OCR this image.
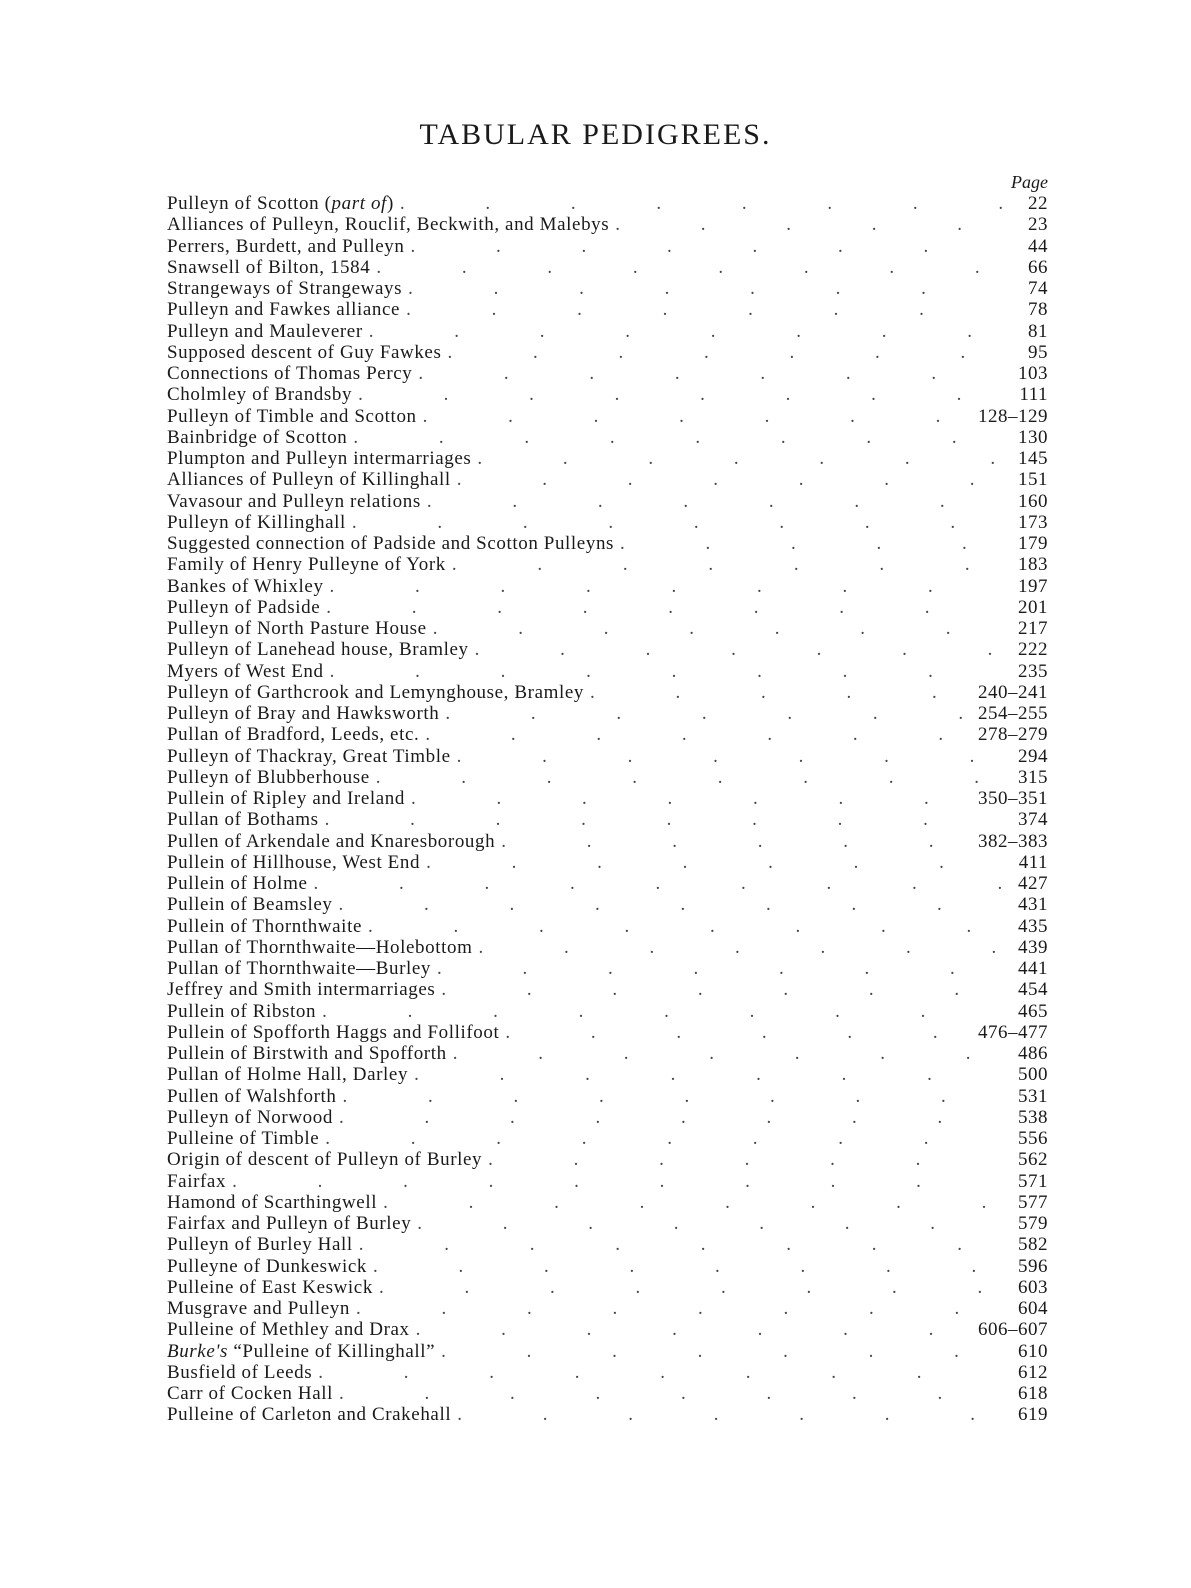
TABULAR PEDIGREES.
Page
Pulleyn of Scotton (part of) .	22
Alliances of Pulleyn, Rouclif, Beckwith, and Malebys .	23
Perrers, Burdett, and Pulleyn .	44
Snawsell of Bilton, 1584 .	66
Strangeways of Strangeways .	74
Pulleyn and Fawkes alliance .	78
Pulleyn and Mauleverer .	81
Supposed descent of Guy Fawkes .	95
Connections of Thomas Percy .	103
Cholmley of Brandsby .	111
Pulleyn of Timble and Scotton .	128–129
Bainbridge of Scotton .	130
Plumpton and Pulleyn intermarriages .	145
Alliances of Pulleyn of Killinghall .	151
Vavasour and Pulleyn relations .	160
Pulleyn of Killinghall .	173
Suggested connection of Padside and Scotton Pulleyns .	179
Family of Henry Pulleyne of York .	183
Bankes of Whixley .	197
Pulleyn of Padside .	201
Pulleyn of North Pasture House .	217
Pulleyn of Lanehead house, Bramley .	222
Myers of West End .	235
Pulleyn of Garthcrook and Lemynghouse, Bramley .	240–241
Pulleyn of Bray and Hawksworth .	254–255
Pullan of Bradford, Leeds, etc. .	278–279
Pulleyn of Thackray, Great Timble .	294
Pulleyn of Blubberhouse .	315
Pullein of Ripley and Ireland .	350–351
Pullan of Bothams .	374
Pullen of Arkendale and Knaresborough .	382–383
Pullein of Hillhouse, West End .	411
Pullein of Holme .	427
Pullein of Beamsley .	431
Pullein of Thornthwaite .	435
Pullan of Thornthwaite—Holebottom .	439
Pullan of Thornthwaite—Burley .	441
Jeffrey and Smith intermarriages .	454
Pullein of Ribston .	465
Pullein of Spofforth Haggs and Follifoot .	476–477
Pullein of Birstwith and Spofforth .	486
Pullan of Holme Hall, Darley .	500
Pullen of Walshforth .	531
Pulleyn of Norwood .	538
Pulleine of Timble .	556
Origin of descent of Pulleyn of Burley .	562
Fairfax .	571
Hamond of Scarthingwell .	577
Fairfax and Pulleyn of Burley .	579
Pulleyn of Burley Hall .	582
Pulleyne of Dunkeswick .	596
Pulleine of East Keswick .	603
Musgrave and Pulleyn .	604
Pulleine of Methley and Drax .	606–607
Burke's “Pulleine of Killinghall” .	610
Busfield of Leeds .	612
Carr of Cocken Hall .	618
Pulleine of Carleton and Crakehall .	619
